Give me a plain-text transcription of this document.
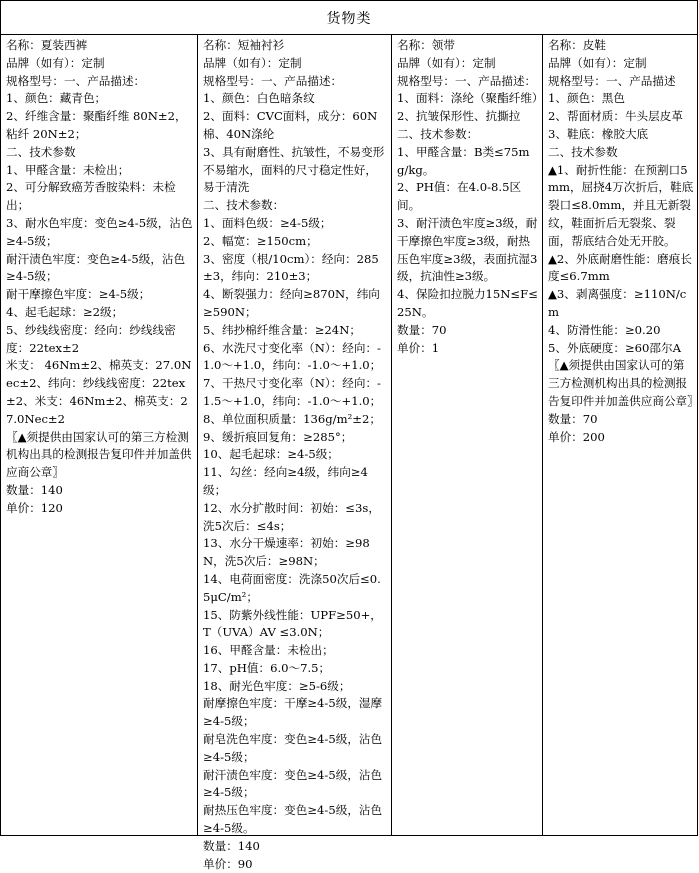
货物类
名称：夏装西裤
品牌（如有）：定制
规格型号：一、产品描述：
1、颜色：藏青色；
2、纤维含量：聚酯纤维 80N±2，粘纤 20N±2；
二、技术参数
1、甲醛含量：未检出；
2、可分解致癌芳香胺染料：未检出；
3、耐水色牢度：变色≥4-5级，沾色≥4-5级；
耐汗渍色牢度：变色≥4-5级，沾色≥4-5级；
耐干摩擦色牢度：≥4-5级；
4、起毛起球：≥2级；
5、纱线线密度：经向：纱线线密度：22tex±2
米支： 46Nm±2、棉英支：27.0Nec±2、纬向：纱线线密度：22tex±2、米支：46Nm±2、棉英支：27.0Nec±2
〖▲须提供由国家认可的第三方检测机构出具的检测报告复印件并加盖供应商公章〗
数量：140
单价：120
名称：短袖衬衫
品牌（如有）：定制
规格型号：一、产品描述：
1、颜色：白色暗条纹
2、面料：CVC面料，成分：60N棉、40N涤纶
3、具有耐磨性、抗皱性，不易变形不易缩水，面料的尺寸稳定性好，易于清洗
二、技术参数：
1、面料色级：≥4-5级；
2、幅宽：≥150cm；
3、密度（根/10cm）：经向：285±3，纬向：210±3；
4、断裂强力：经向≥870N，纬向≥590N；
5、纬抄棉纤维含量：≥24N；
6、水洗尺寸变化率（N）：经向：-1.0～+1.0，纬向：-1.0～+1.0；
7、干热尺寸变化率（N）：经向：-1.5～+1.0，纬向：-1.0～+1.0；
8、单位面积质量：136g/m²±2；
9、缓折痕回复角：≥285°；
10、起毛起球：≥4-5级；
11、勾丝：经向≥4级，纬向≥4级；
12、水分扩散时间：初始：≤3s，洗5次后：≤4s；
13、水分干燥速率：初始：≥98N，洗5次后：≥98N；
14、电荷面密度：洗涤50次后≤0.5μC/m²；
15、防紫外线性能：UPF≥50+，T（UVA）AV ≤3.0N；
16、甲醛含量：未检出；
17、pH值：6.0～7.5；
18、耐光色牢度：≥5-6级；
耐摩擦色牢度：干摩≥4-5级，湿摩≥4-5级；
耐皂洗色牢度：变色≥4-5级，沾色≥4-5级；
耐汗渍色牢度：变色≥4-5级，沾色≥4-5级；
耐热压色牢度：变色≥4-5级，沾色≥4-5级。
数量：140
单价：90
名称：领带
品牌（如有）：定制
规格型号：一、产品描述：
1、面料：涤纶（聚酯纤维）
2、抗皱保形性、抗撕拉
二、技术参数：
1、甲醛含量：B类≤75mg/kg。
2、PH值：在4.0-8.5区间。
3、耐汗渍色牢度≥3级，耐干摩擦色牢度≥3级，耐热压色牢度≥3级，表面抗湿3级，抗油性≥3级。
4、保险扣拉脱力15N≤F≤25N。
数量：70
单价：1
名称：皮鞋
品牌（如有）：定制
规格型号：一、产品描述
1、颜色：黑色
2、帮面材质：牛头层皮革
3、鞋底：橡胶大底
二、技术参数
▲1、耐折性能：在预割口5mm，屈挠4万次折后，鞋底裂口≤8.0mm，并且无新裂纹，鞋面折后无裂浆、裂面，帮底结合处无开胶。
▲2、外底耐磨性能：磨痕长度≤6.7mm
▲3、剥离强度：≥110N/cm
4、防滑性能：≥0.20
5、外底硬度：≥60邵尔A
〖▲须提供由国家认可的第三方检测机构出具的检测报告复印件并加盖供应商公章〗
数量：70
单价：200
